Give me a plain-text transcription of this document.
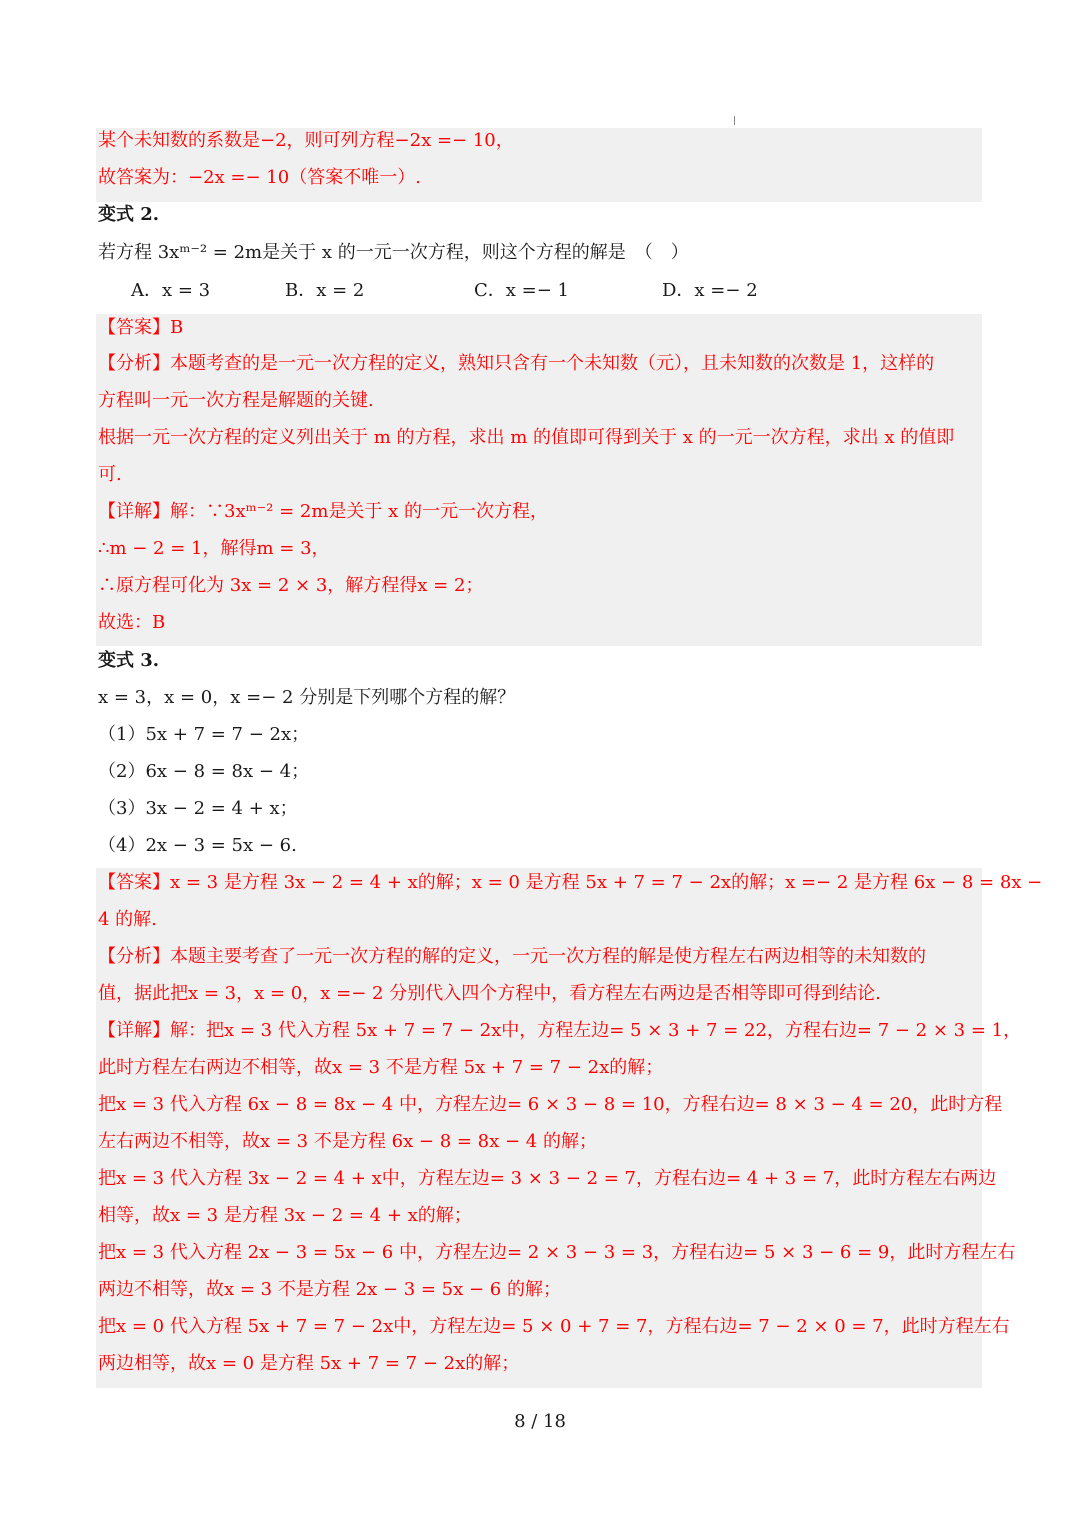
某个未知数的系数是−2，则可列方程−2x =− 10，
故答案为：−2x =− 10（答案不唯一）.
变式 2.
若方程 3xᵐ⁻² = 2m是关于 x 的一元一次方程，则这个方程的解是　（　）
A．x = 3	B．x = 2	C．x =− 1	D．x =− 2
【答案】B
【分析】本题考查的是一元一次方程的定义，熟知只含有一个未知数（元），且未知数的次数是 1，这样的
方程叫一元一次方程是解题的关键.
根据一元一次方程的定义列出关于 m 的方程，求出 m 的值即可得到关于 x 的一元一次方程，求出 x 的值即
可.
【详解】解：∵3xᵐ⁻² = 2m是关于 x 的一元一次方程，
∴m − 2 = 1，解得m = 3，
∴原方程可化为 3x = 2 × 3，解方程得x = 2；
故选：B
变式 3.
x = 3，x = 0，x =− 2 分别是下列哪个方程的解？
（1）5x + 7 = 7 − 2x；
（2）6x − 8 = 8x − 4；
（3）3x − 2 = 4 + x；
（4）2x − 3 = 5x − 6.
【答案】x = 3 是方程 3x − 2 = 4 + x的解；x = 0 是方程 5x + 7 = 7 − 2x的解；x =− 2 是方程 6x − 8 = 8x −
4 的解.
【分析】本题主要考查了一元一次方程的解的定义，一元一次方程的解是使方程左右两边相等的未知数的
值，据此把x = 3，x = 0，x =− 2 分别代入四个方程中，看方程左右两边是否相等即可得到结论.
【详解】解：把x = 3 代入方程 5x + 7 = 7 − 2x中，方程左边= 5 × 3 + 7 = 22，方程右边= 7 − 2 × 3 = 1，
此时方程左右两边不相等，故x = 3 不是方程 5x + 7 = 7 − 2x的解；
把x = 3 代入方程 6x − 8 = 8x − 4 中，方程左边= 6 × 3 − 8 = 10，方程右边= 8 × 3 − 4 = 20，此时方程
左右两边不相等，故x = 3 不是方程 6x − 8 = 8x − 4 的解；
把x = 3 代入方程 3x − 2 = 4 + x中，方程左边= 3 × 3 − 2 = 7，方程右边= 4 + 3 = 7，此时方程左右两边
相等，故x = 3 是方程 3x − 2 = 4 + x的解；
把x = 3 代入方程 2x − 3 = 5x − 6 中，方程左边= 2 × 3 − 3 = 3，方程右边= 5 × 3 − 6 = 9，此时方程左右
两边不相等，故x = 3 不是方程 2x − 3 = 5x − 6 的解；
把x = 0 代入方程 5x + 7 = 7 − 2x中，方程左边= 5 × 0 + 7 = 7，方程右边= 7 − 2 × 0 = 7，此时方程左右
两边相等，故x = 0 是方程 5x + 7 = 7 − 2x的解；
8 / 18
